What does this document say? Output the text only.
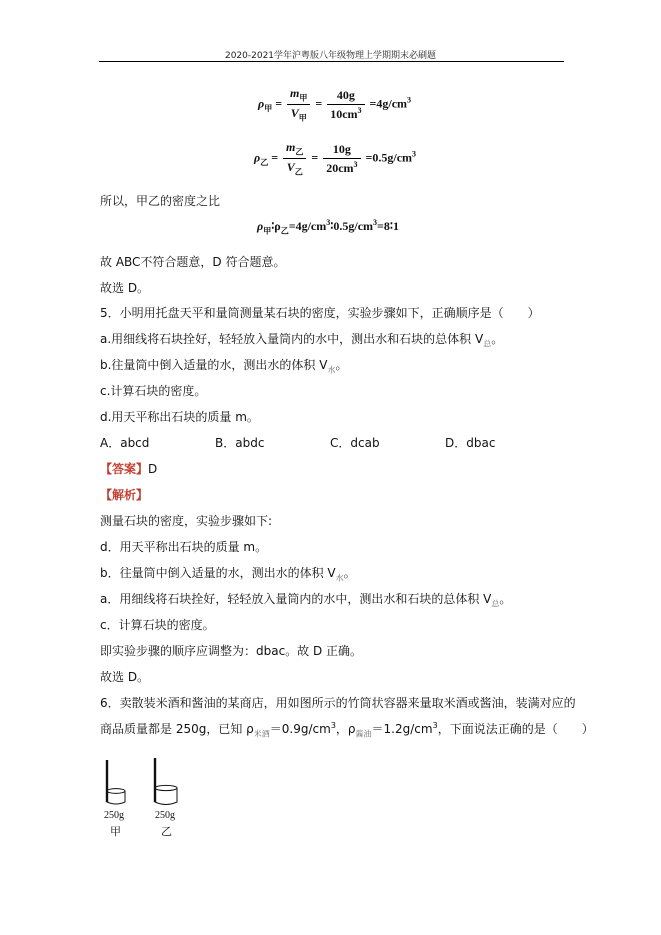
2020-2021学年沪粤版八年级物理上学期期末必刷题
$\rho_甲 = \frac{m_甲}{V_甲} = \frac{40g}{10cm^3} =4g/cm^3$
$\rho_乙 = \frac{m_乙}{V_乙} = \frac{10g}{20cm^3} =0.5g/cm^3$
所以，甲乙的密度之比
$\rho_甲∶\rho_乙=4g/cm^3∶0.5g/cm^3=8∶1$
故 ABC不符合题意，D 符合题意。
故选 D。
5．小明用托盘天平和量筒测量某石块的密度，实验步骤如下，正确顺序是（　　）
a.用细线将石块拴好，轻轻放入量筒内的水中，测出水和石块的总体积 $V_总$。
b.往量筒中倒入适量的水，测出水的体积 $V_水$。
c.计算石块的密度。
d.用天平称出石块的质量 m。
A．abcd	B．abdc	C．dcab	D．dbac
【答案】D
【解析】
测量石块的密度，实验步骤如下:
d．用天平称出石块的质量 m。
b．往量筒中倒入适量的水，测出水的体积 $V_水$。
a．用细线将石块拴好，轻轻放入量筒内的水中，测出水和石块的总体积 $V_总$。
c．计算石块的密度。
即实验步骤的顺序应调整为：dbac。故 D 正确。
故选 D。
6．卖散装米酒和酱油的某商店，用如图所示的竹筒状容器来量取米酒或酱油，装满对应的
商品质量都是 250g，已知 $\rho_{米酒}=0.9g/cm^3$，$\rho_{酱油}=1.2g/cm^3$，下面说法正确的是（　　）
250g
甲
250g
乙
